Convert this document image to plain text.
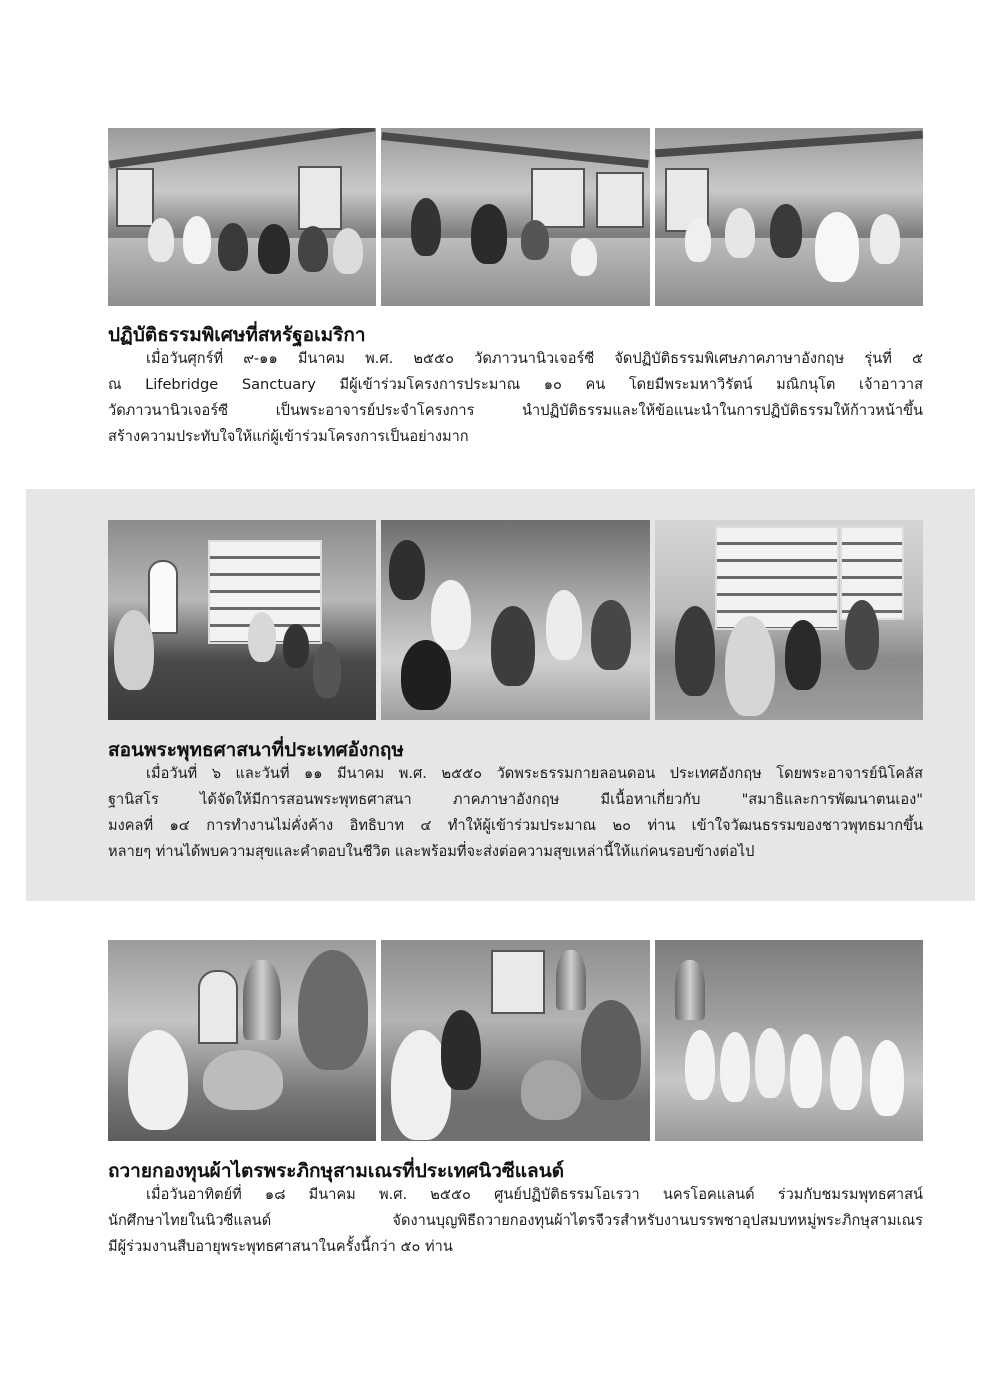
ปฏิบัติธรรมพิเศษที่สหรัฐอเมริกา
เมื่อวันศุกร์ที่ ๙-๑๑ มีนาคม พ.ศ. ๒๕๕๐ วัดภาวนานิวเจอร์ซี จัดปฏิบัติธรรมพิเศษภาคภาษาอังกฤษ รุ่นที่ ๕
ณ Lifebridge Sanctuary มีผู้เข้าร่วมโครงการประมาณ ๑๐ คน โดยมีพระมหาวิรัตน์ มณิกนุโต เจ้าอาวาส
วัดภาวนานิวเจอร์ซี เป็นพระอาจารย์ประจำโครงการ นำปฏิบัติธรรมและให้ข้อแนะนำในการปฏิบัติธรรมให้ก้าวหน้าขึ้น
สร้างความประทับใจให้แก่ผู้เข้าร่วมโครงการเป็นอย่างมาก
สอนพระพุทธศาสนาที่ประเทศอังกฤษ
เมื่อวันที่ ๖ และวันที่ ๑๑ มีนาคม พ.ศ. ๒๕๕๐ วัดพระธรรมกายลอนดอน ประเทศอังกฤษ โดยพระอาจารย์นิโคลัส
ฐานิสโร ได้จัดให้มีการสอนพระพุทธศาสนา ภาคภาษาอังกฤษ มีเนื้อหาเกี่ยวกับ "สมาธิและการพัฒนาตนเอง"
มงคลที่ ๑๔ การทำงานไม่คั่งค้าง อิทธิบาท ๔ ทำให้ผู้เข้าร่วมประมาณ ๒๐ ท่าน เข้าใจวัฒนธรรมของชาวพุทธมากขึ้น
หลายๆ ท่านได้พบความสุขและคำตอบในชีวิต และพร้อมที่จะส่งต่อความสุขเหล่านี้ให้แก่คนรอบข้างต่อไป
ถวายกองทุนผ้าไตรพระภิกษุสามเณรที่ประเทศนิวซีแลนด์
เมื่อวันอาทิตย์ที่ ๑๘ มีนาคม พ.ศ. ๒๕๕๐ ศูนย์ปฏิบัติธรรมโอเรวา นครโอคแลนด์ ร่วมกับชมรมพุทธศาสน์
นักศึกษาไทยในนิวซีแลนด์ จัดงานบุญพิธีถวายกองทุนผ้าไตรจีวรสำหรับงานบรรพชาอุปสมบทหมู่พระภิกษุสามเณร
มีผู้ร่วมงานสืบอายุพระพุทธศาสนาในครั้งนี้กว่า ๕๐ ท่าน
